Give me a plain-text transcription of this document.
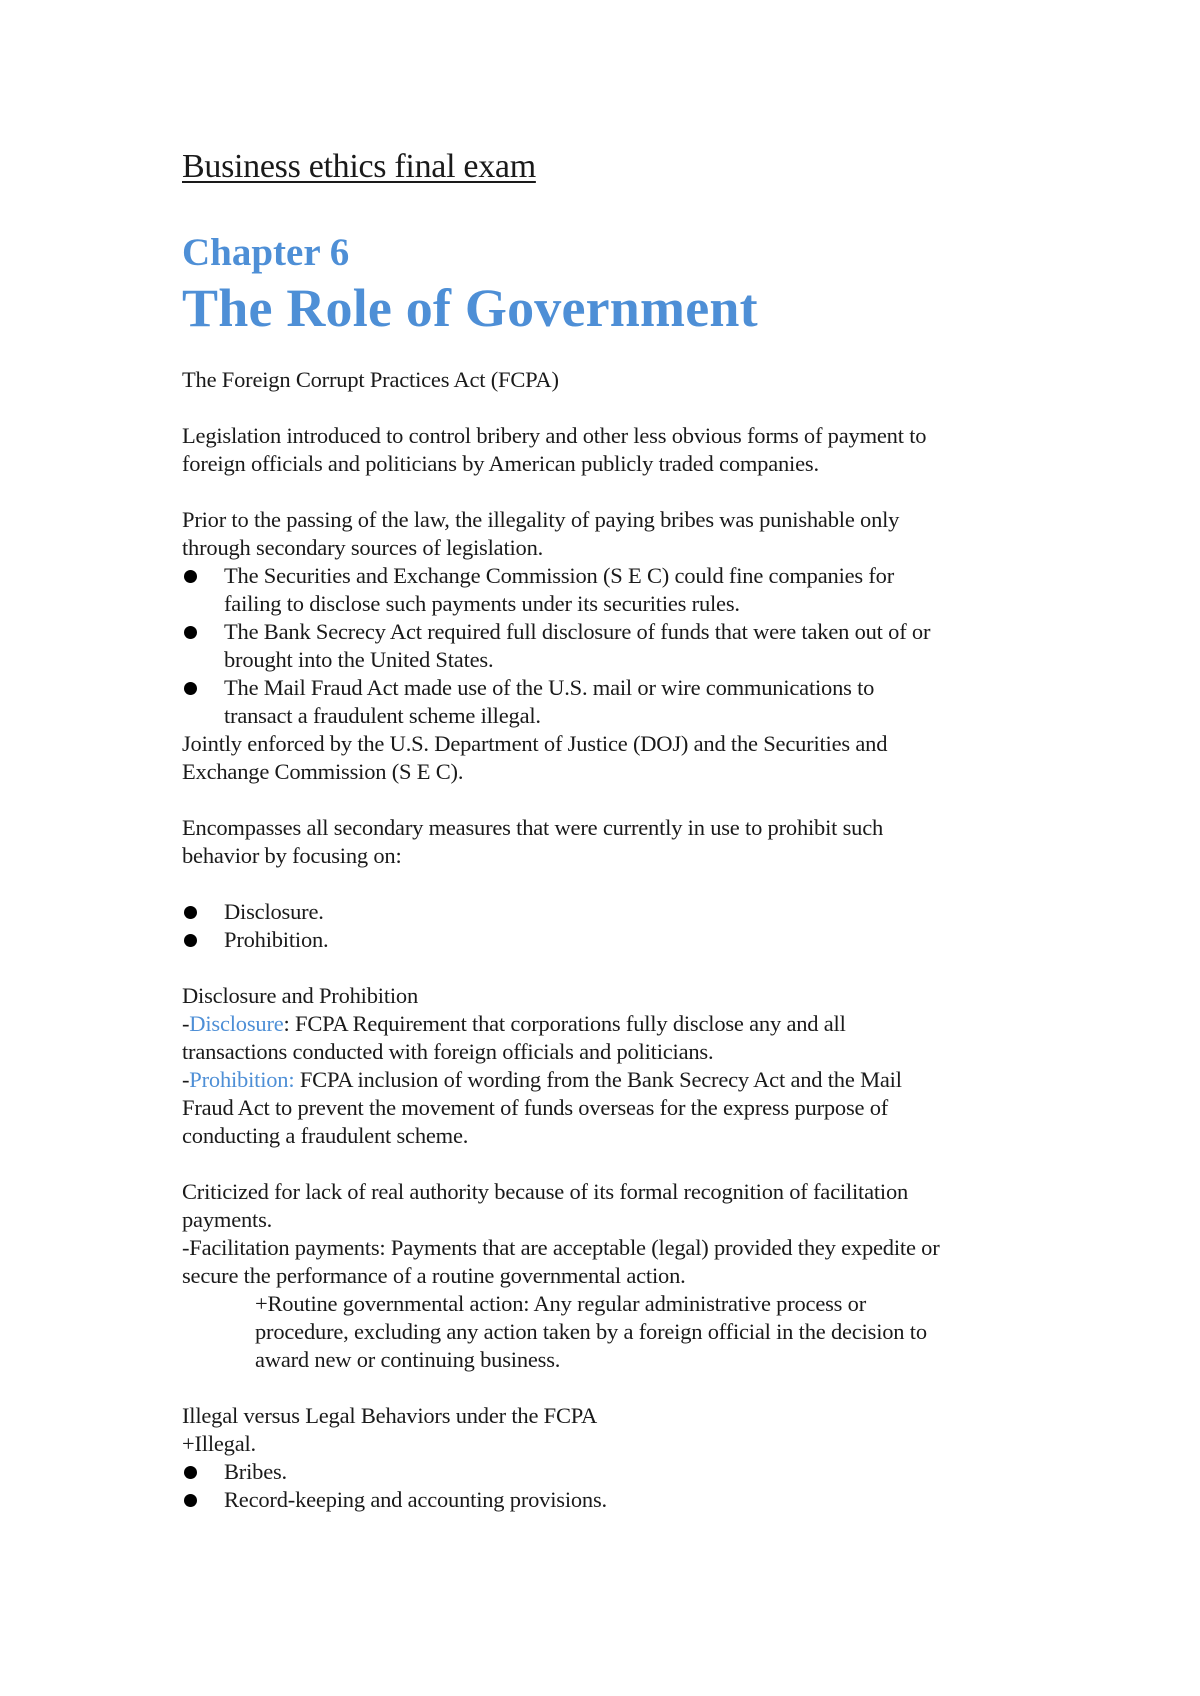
Business ethics final exam
Chapter 6
The Role of Government

The Foreign Corrupt Practices Act (FCPA)

Legislation introduced to control bribery and other less obvious forms of payment to

foreign officials and politicians by American publicly traded companies.

Prior to the passing of the law, the illegality of paying bribes was punishable only

through secondary sources of legislation.

The Securities and Exchange Commission (S E C) could fine companies for

failing to disclose such payments under its securities rules.

The Bank Secrecy Act required full disclosure of funds that were taken out of or

brought into the United States.

The Mail Fraud Act made use of the U.S. mail or wire communications to

transact a fraudulent scheme illegal.

Jointly enforced by the U.S. Department of Justice (DOJ) and the Securities and

Exchange Commission (S E C).

Encompasses all secondary measures that were currently in use to prohibit such

behavior by focusing on:

Disclosure.

Prohibition.

Disclosure and Prohibition

-Disclosure: FCPA Requirement that corporations fully disclose any and all

transactions conducted with foreign officials and politicians.

-Prohibition: FCPA inclusion of wording from the Bank Secrecy Act and the Mail

Fraud Act to prevent the movement of funds overseas for the express purpose of

conducting a fraudulent scheme.

Criticized for lack of real authority because of its formal recognition of facilitation

payments.

-Facilitation payments: Payments that are acceptable (legal) provided they expedite or

secure the performance of a routine governmental action.

+Routine governmental action: Any regular administrative process or

procedure, excluding any action taken by a foreign official in the decision to

award new or continuing business.

Illegal versus Legal Behaviors under the FCPA

+Illegal.

Bribes.

Record-keeping and accounting provisions.
